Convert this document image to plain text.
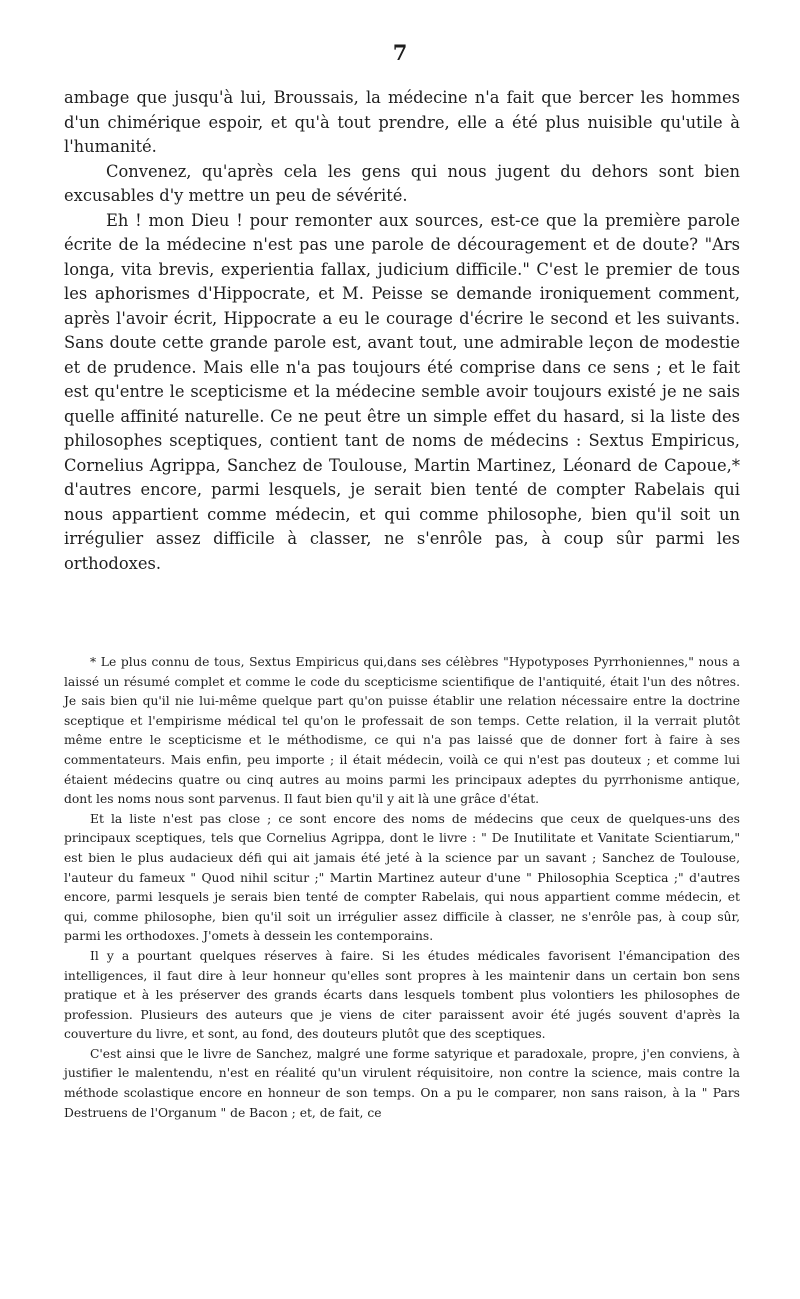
7

ambage que jusqu'à lui, Broussais, la médecine n'a fait que bercer les hommes d'un chimérique espoir, et qu'à tout prendre, elle a été plus nuisible qu'utile à l'humanité.

Convenez, qu'après cela les gens qui nous jugent du dehors sont bien excusables d'y mettre un peu de sévérité.

Eh ! mon Dieu ! pour remonter aux sources, est-ce que la première parole écrite de la médecine n'est pas une parole de découragement et de doute? "Ars longa, vita brevis, experientia fallax, judicium difficile." C'est le premier de tous les aphorismes d'Hippocrate, et M. Peisse se demande ironiquement comment, après l'avoir écrit, Hippocrate a eu le courage d'écrire le second et les suivants. Sans doute cette grande parole est, avant tout, une admirable leçon de modestie et de prudence. Mais elle n'a pas toujours été comprise dans ce sens ; et le fait est qu'entre le scepticisme et la médecine semble avoir toujours existé je ne sais quelle affinité naturelle. Ce ne peut être un simple effet du hasard, si la liste des philosophes sceptiques, contient tant de noms de médecins : Sextus Empiricus, Cornelius Agrippa, Sanchez de Toulouse, Martin Martinez, Léonard de Capoue,* d'autres encore, parmi lesquels, je serait bien tenté de compter Rabelais qui nous appartient comme médecin, et qui comme philosophe, bien qu'il soit un irrégulier assez difficile à classer, ne s'enrôle pas, à coup sûr parmi les orthodoxes.

* Le plus connu de tous, Sextus Empiricus qui,dans ses célèbres "Hypotyposes Pyrrhoniennes," nous a laissé un résumé complet et comme le code du scepticisme scientifique de l'antiquité, était l'un des nôtres. Je sais bien qu'il nie lui-même quelque part qu'on puisse établir une relation nécessaire entre la doctrine sceptique et l'empirisme médical tel qu'on le professait de son temps. Cette relation, il la verrait plutôt même entre le scepticisme et le méthodisme, ce qui n'a pas laissé que de donner fort à faire à ses commentateurs. Mais enfin, peu importe ; il était médecin, voilà ce qui n'est pas douteux ; et comme lui étaient médecins quatre ou cinq autres au moins parmi les principaux adeptes du pyrrhonisme antique, dont les noms nous sont parvenus. Il faut bien qu'il y ait là une grâce d'état.

Et la liste n'est pas close ; ce sont encore des noms de médecins que ceux de quelques-uns des principaux sceptiques, tels que Cornelius Agrippa, dont le livre : " De Inutilitate et Vanitate Scientiarum," est bien le plus audacieux défi qui ait jamais été jeté à la science par un savant ; Sanchez de Toulouse, l'auteur du fameux " Quod nihil scitur ;" Martin Martinez auteur d'une " Philosophia Sceptica ;" d'autres encore, parmi lesquels je serais bien tenté de compter Rabelais, qui nous appartient comme médecin, et qui, comme philosophe, bien qu'il soit un irrégulier assez difficile à classer, ne s'enrôle pas, à coup sûr, parmi les orthodoxes. J'omets à dessein les contemporains.

Il y a pourtant quelques réserves à faire. Si les études médicales favorisent l'émancipation des intelligences, il faut dire à leur honneur qu'elles sont propres à les maintenir dans un certain bon sens pratique et à les préserver des grands écarts dans lesquels tombent plus volontiers les philosophes de profession. Plusieurs des auteurs que je viens de citer paraissent avoir été jugés souvent d'après la couverture du livre, et sont, au fond, des douteurs plutôt que des sceptiques.

C'est ainsi que le livre de Sanchez, malgré une forme satyrique et paradoxale, propre, j'en conviens, à justifier le malentendu, n'est en réalité qu'un virulent réquisitoire, non contre la science, mais contre la méthode scolastique encore en honneur de son temps. On a pu le comparer, non sans raison, à la " Pars Destruens de l'Organum " de Bacon ; et, de fait, ce
